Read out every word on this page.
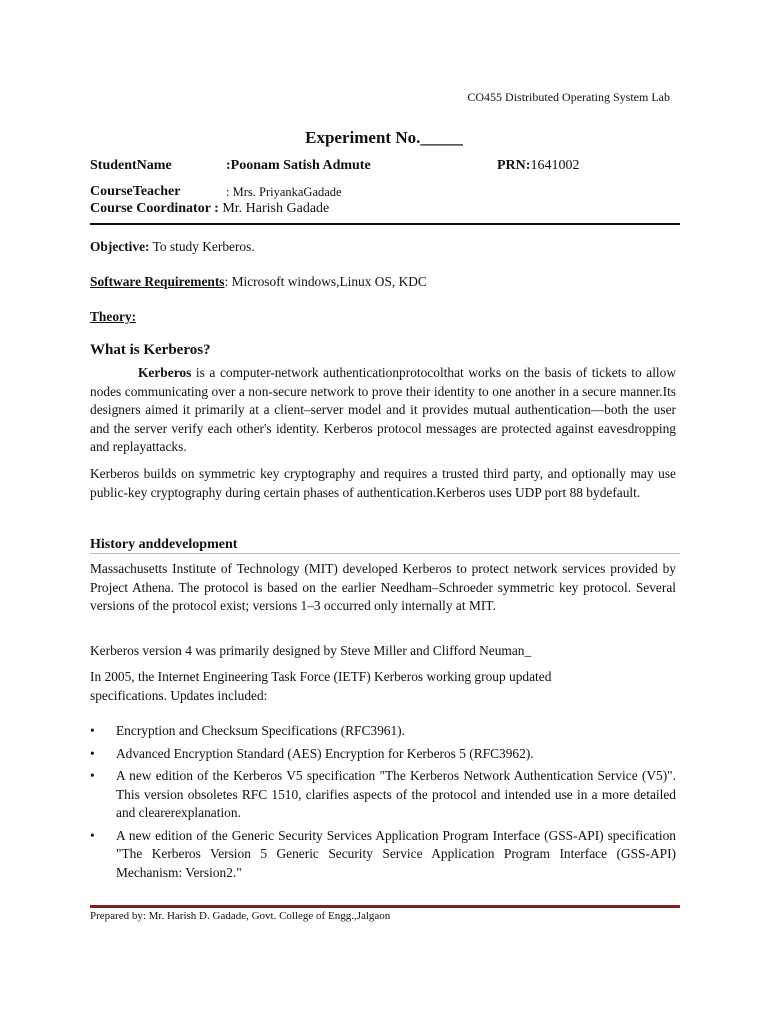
CO455 Distributed Operating System Lab
Experiment No._____
StudentName	:Poonam Satish Admute	PRN:1641002
CourseTeacher	: Mrs. PriyankaGadade
Course Coordinator : Mr. Harish Gadade
Objective: To study Kerberos.
Software Requirements: Microsoft windows,Linux OS, KDC
Theory:
What is Kerberos?
Kerberos is a computer-network authenticationprotocolthat works on the basis of tickets to allow nodes communicating over a non-secure network to prove their identity to one another in a secure manner.Its designers aimed it primarily at a client–server model and it provides mutual authentication—both the user and the server verify each other's identity. Kerberos protocol messages are protected against eavesdropping and replayattacks.
Kerberos builds on symmetric key cryptography and requires a trusted third party, and optionally may use public-key cryptography during certain phases of authentication.Kerberos uses UDP port 88 bydefault.
History anddevelopment
Massachusetts Institute of Technology (MIT) developed Kerberos to protect network services provided by Project Athena. The protocol is based on the earlier Needham–Schroeder symmetric key protocol. Several versions of the protocol exist; versions 1–3 occurred only internally at MIT.
Kerberos version 4 was primarily designed by Steve Miller and Clifford Neuman_
In 2005, the Internet Engineering Task Force (IETF) Kerberos working group updated specifications. Updates included:
•	Encryption and Checksum Specifications (RFC3961).
•	Advanced Encryption Standard (AES) Encryption for Kerberos 5 (RFC3962).
•	A new edition of the Kerberos V5 specification "The Kerberos Network Authentication Service (V5)". This version obsoletes RFC 1510, clarifies aspects of the protocol and intended use in a more detailed and clearerexplanation.
•	A new edition of the Generic Security Services Application Program Interface (GSS-API) specification "The Kerberos Version 5 Generic Security Service Application Program Interface (GSS-API) Mechanism: Version2."
Prepared by: Mr. Harish D. Gadade, Govt. College of Engg.,Jalgaon
